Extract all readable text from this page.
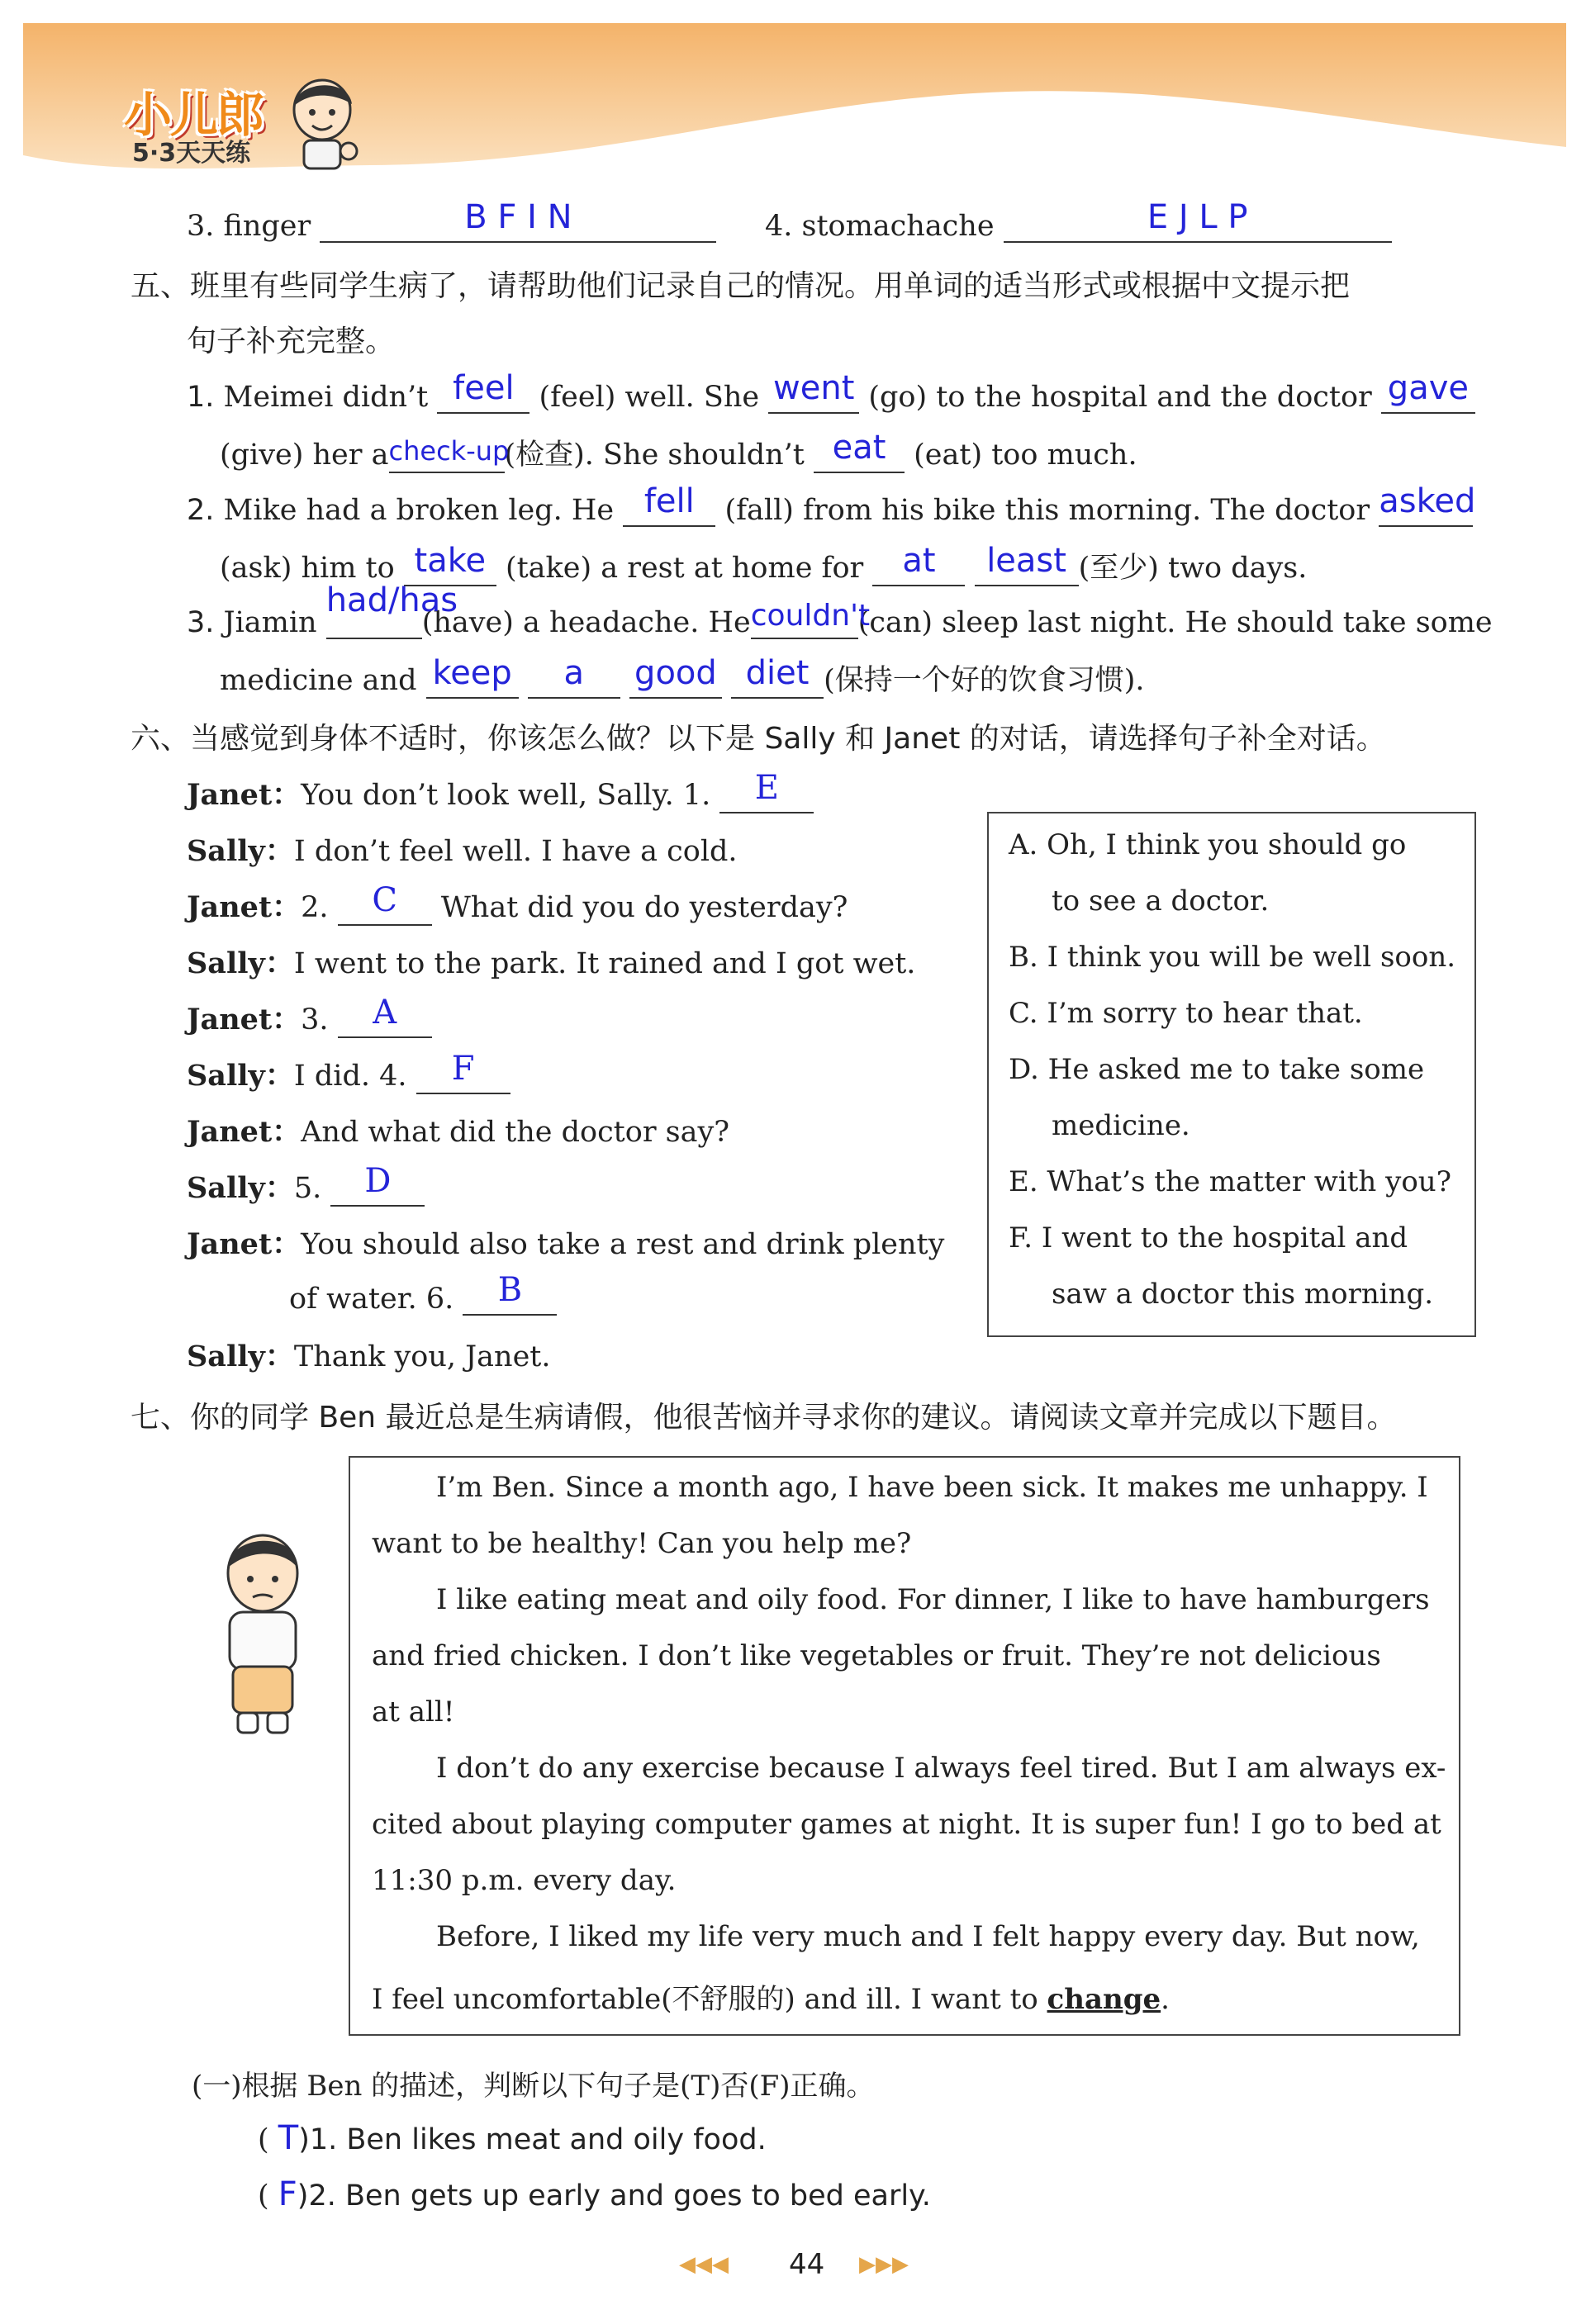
小儿郎
5·3天天练
3. finger	B F I N	4. stomachache	E J L P
五、班里有些同学生病了，请帮助他们记录自己的情况。用单词的适当形式或根据中文提示把
句子补充完整。
1. Meimei didn’t feel (feel) well. She went (go) to the hospital and the doctor gave
(give) her a check-up
(检查). She shouldn’t eat (eat) too much.
2. Mike had a broken leg. He fell	(fall) from his bike this morning. The doctor asked
(ask) him to take (take) a rest at home for	at
	least (至少) two days.
3. Jiamin
had/has
(have) a headache. He couldn't
(can) sleep last night. He should take some
medicine and keep
	a
	good
diet (保持一个好的饮食习惯).
六、当感觉到身体不适时，你该怎么做？以下是 Sally 和 Janet 的对话，请选择句子补全对话。
Janet：You don’t look well, Sally. 1.	E
Sally：I don’t feel well. I have a cold.
Janet：2.	C	What did you do yesterday?
Sally：I went to the park. It rained and I got wet.
Janet：3.	A
Sally：I did. 4.	F
Janet：And what did the doctor say?
Sally：5.	D
Janet：You should also take a rest and drink plenty
of water. 6.	B
Sally：Thank you, Janet.
A. Oh, I think you should go
to see a doctor.
B. I think you will be well soon.
C. I’m sorry to hear that.
D. He asked me to take some
medicine.
E. What’s the matter with you?
F. I went to the hospital and
saw a doctor this morning.
七、你的同学 Ben 最近总是生病请假，他很苦恼并寻求你的建议。请阅读文章并完成以下题目。
I’m Ben. Since a month ago, I have been sick. It makes me unhappy. I
want to be healthy! Can you help me?
I like eating meat and oily food. For dinner, I like to have hamburgers
and fried chicken. I don’t like vegetables or fruit. They’re not delicious
at all!
I don’t do any exercise because I always feel tired. But I am always ex-
cited about playing computer games at night. It is super fun! I go to bed at
11:30 p.m. every day.
Before, I liked my life very much and I felt happy every day. But now,
I feel uncomfortable(不舒服的) and ill. I want to change.
(一)根据 Ben 的描述，判断以下句子是(T)否(F)正确。
( T)1. Ben likes meat and oily food.
( F)2. Ben gets up early and goes to bed early.
◀◀◀ 44 ▶▶▶
